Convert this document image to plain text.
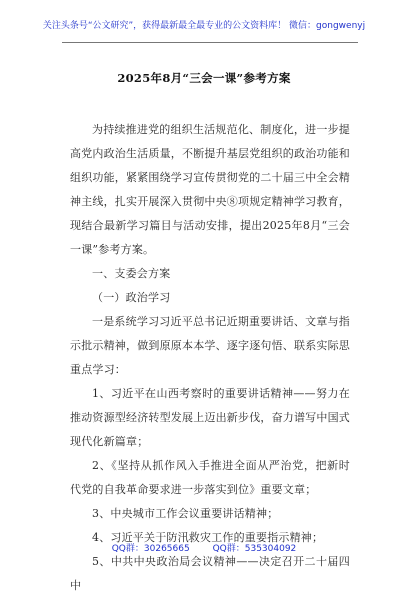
关注头条号“公文研究”，获得最新最全最专业的公文资料库！ 微信：gongwenyj
2025年8月“三会一课”参考方案

为持续推进党的组织生活规范化、制度化，进一步提高党内政治生活质量，不断提升基层党组织的政治功能和组织功能，紧紧围绕学习宣传贯彻党的二十届三中全会精神主线，扎实开展深入贯彻中央⑧项规定精神学习教育，现结合最新学习篇目与活动安排，提出2025年8月“三会一课”参考方案。

一、支委会方案

（一）政治学习

一是系统学习习近平总书记近期重要讲话、文章与指示批示精神，做到原原本本学、逐字逐句悟、联系实际思重点学习：

1、习近平在山西考察时的重要讲话精神——努力在推动资源型经济转型发展上迈出新步伐，奋力谱写中国式现代化新篇章；

2、《坚持从抓作风入手推进全面从严治党，把新时代党的自我革命要求进一步落实到位》重要文章；

3、中央城市工作会议重要讲话精神；

4、习近平关于防汛救灾工作的重要指示精神；

5、中共中央政治局会议精神——决定召开二十届四中

QQ群：30265665	QQ群：535304092
